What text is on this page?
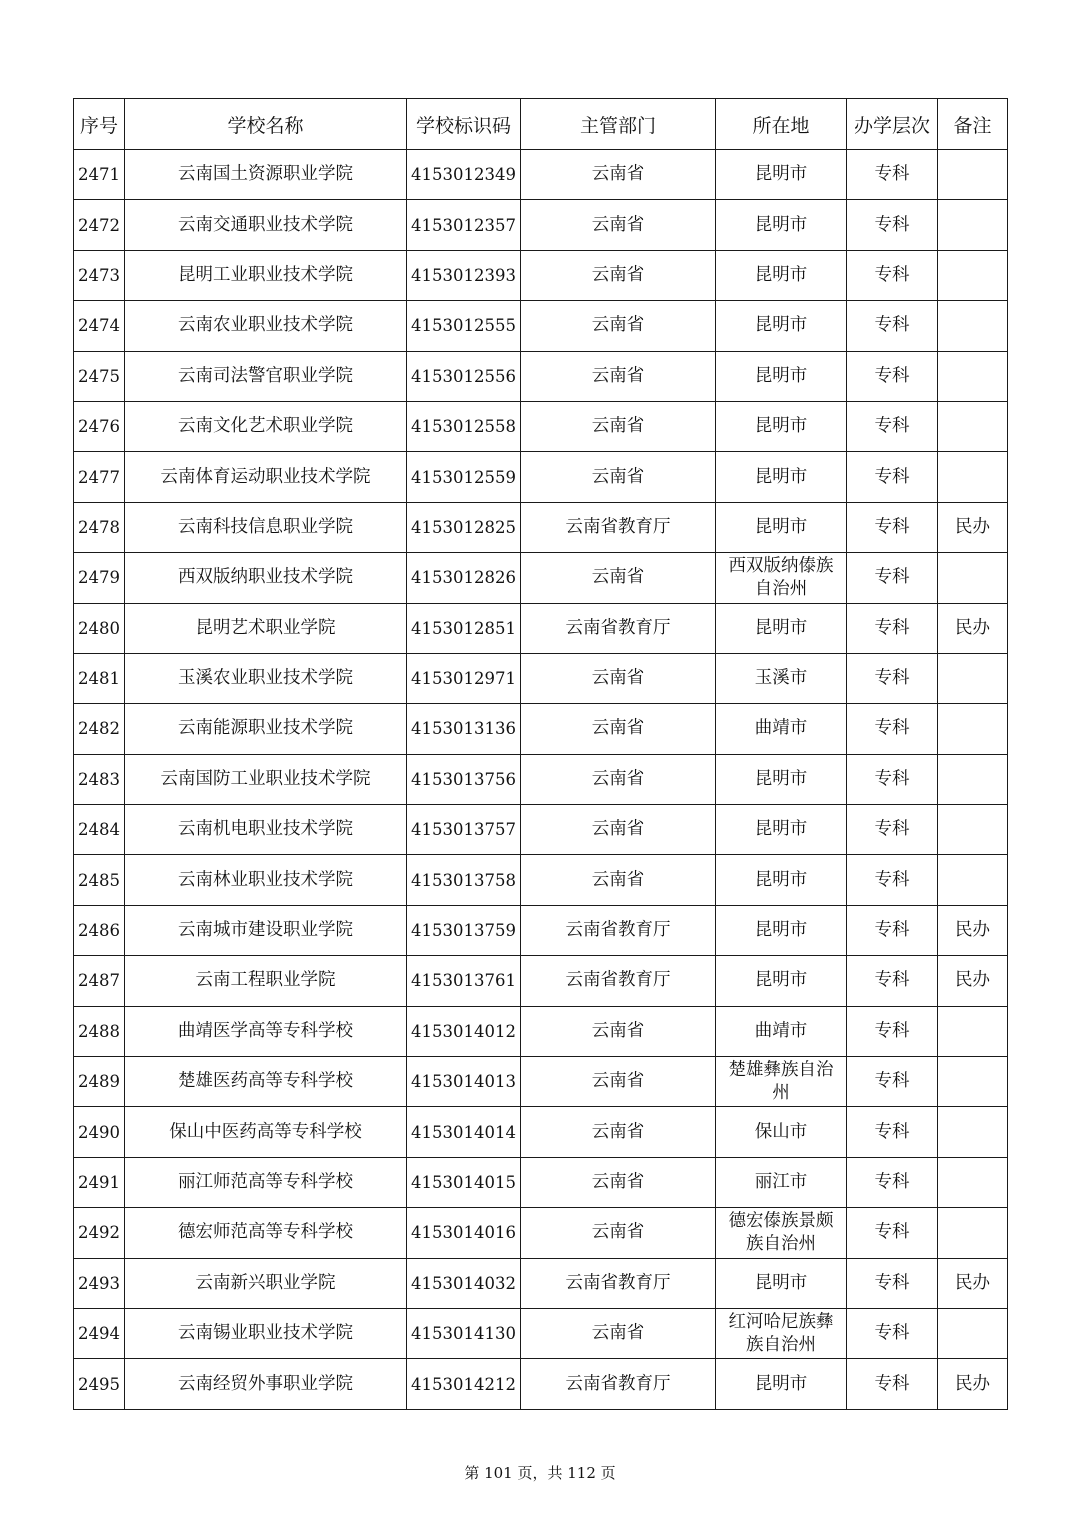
序号	学校名称	学校标识码	主管部门	所在地	办学层次	备注
2471	云南国土资源职业学院	4153012349	云南省	昆明市	专科	
2472	云南交通职业技术学院	4153012357	云南省	昆明市	专科	
2473	昆明工业职业技术学院	4153012393	云南省	昆明市	专科	
2474	云南农业职业技术学院	4153012555	云南省	昆明市	专科	
2475	云南司法警官职业学院	4153012556	云南省	昆明市	专科	
2476	云南文化艺术职业学院	4153012558	云南省	昆明市	专科	
2477	云南体育运动职业技术学院	4153012559	云南省	昆明市	专科	
2478	云南科技信息职业学院	4153012825	云南省教育厅	昆明市	专科	民办
2479	西双版纳职业技术学院	4153012826	云南省	西双版纳傣族自治州	专科	
2480	昆明艺术职业学院	4153012851	云南省教育厅	昆明市	专科	民办
2481	玉溪农业职业技术学院	4153012971	云南省	玉溪市	专科	
2482	云南能源职业技术学院	4153013136	云南省	曲靖市	专科	
2483	云南国防工业职业技术学院	4153013756	云南省	昆明市	专科	
2484	云南机电职业技术学院	4153013757	云南省	昆明市	专科	
2485	云南林业职业技术学院	4153013758	云南省	昆明市	专科	
2486	云南城市建设职业学院	4153013759	云南省教育厅	昆明市	专科	民办
2487	云南工程职业学院	4153013761	云南省教育厅	昆明市	专科	民办
2488	曲靖医学高等专科学校	4153014012	云南省	曲靖市	专科	
2489	楚雄医药高等专科学校	4153014013	云南省	楚雄彝族自治州	专科	
2490	保山中医药高等专科学校	4153014014	云南省	保山市	专科	
2491	丽江师范高等专科学校	4153014015	云南省	丽江市	专科	
2492	德宏师范高等专科学校	4153014016	云南省	德宏傣族景颇族自治州	专科	
2493	云南新兴职业学院	4153014032	云南省教育厅	昆明市	专科	民办
2494	云南锡业职业技术学院	4153014130	云南省	红河哈尼族彝族自治州	专科	
2495	云南经贸外事职业学院	4153014212	云南省教育厅	昆明市	专科	民办
第 101 页，共 112 页
